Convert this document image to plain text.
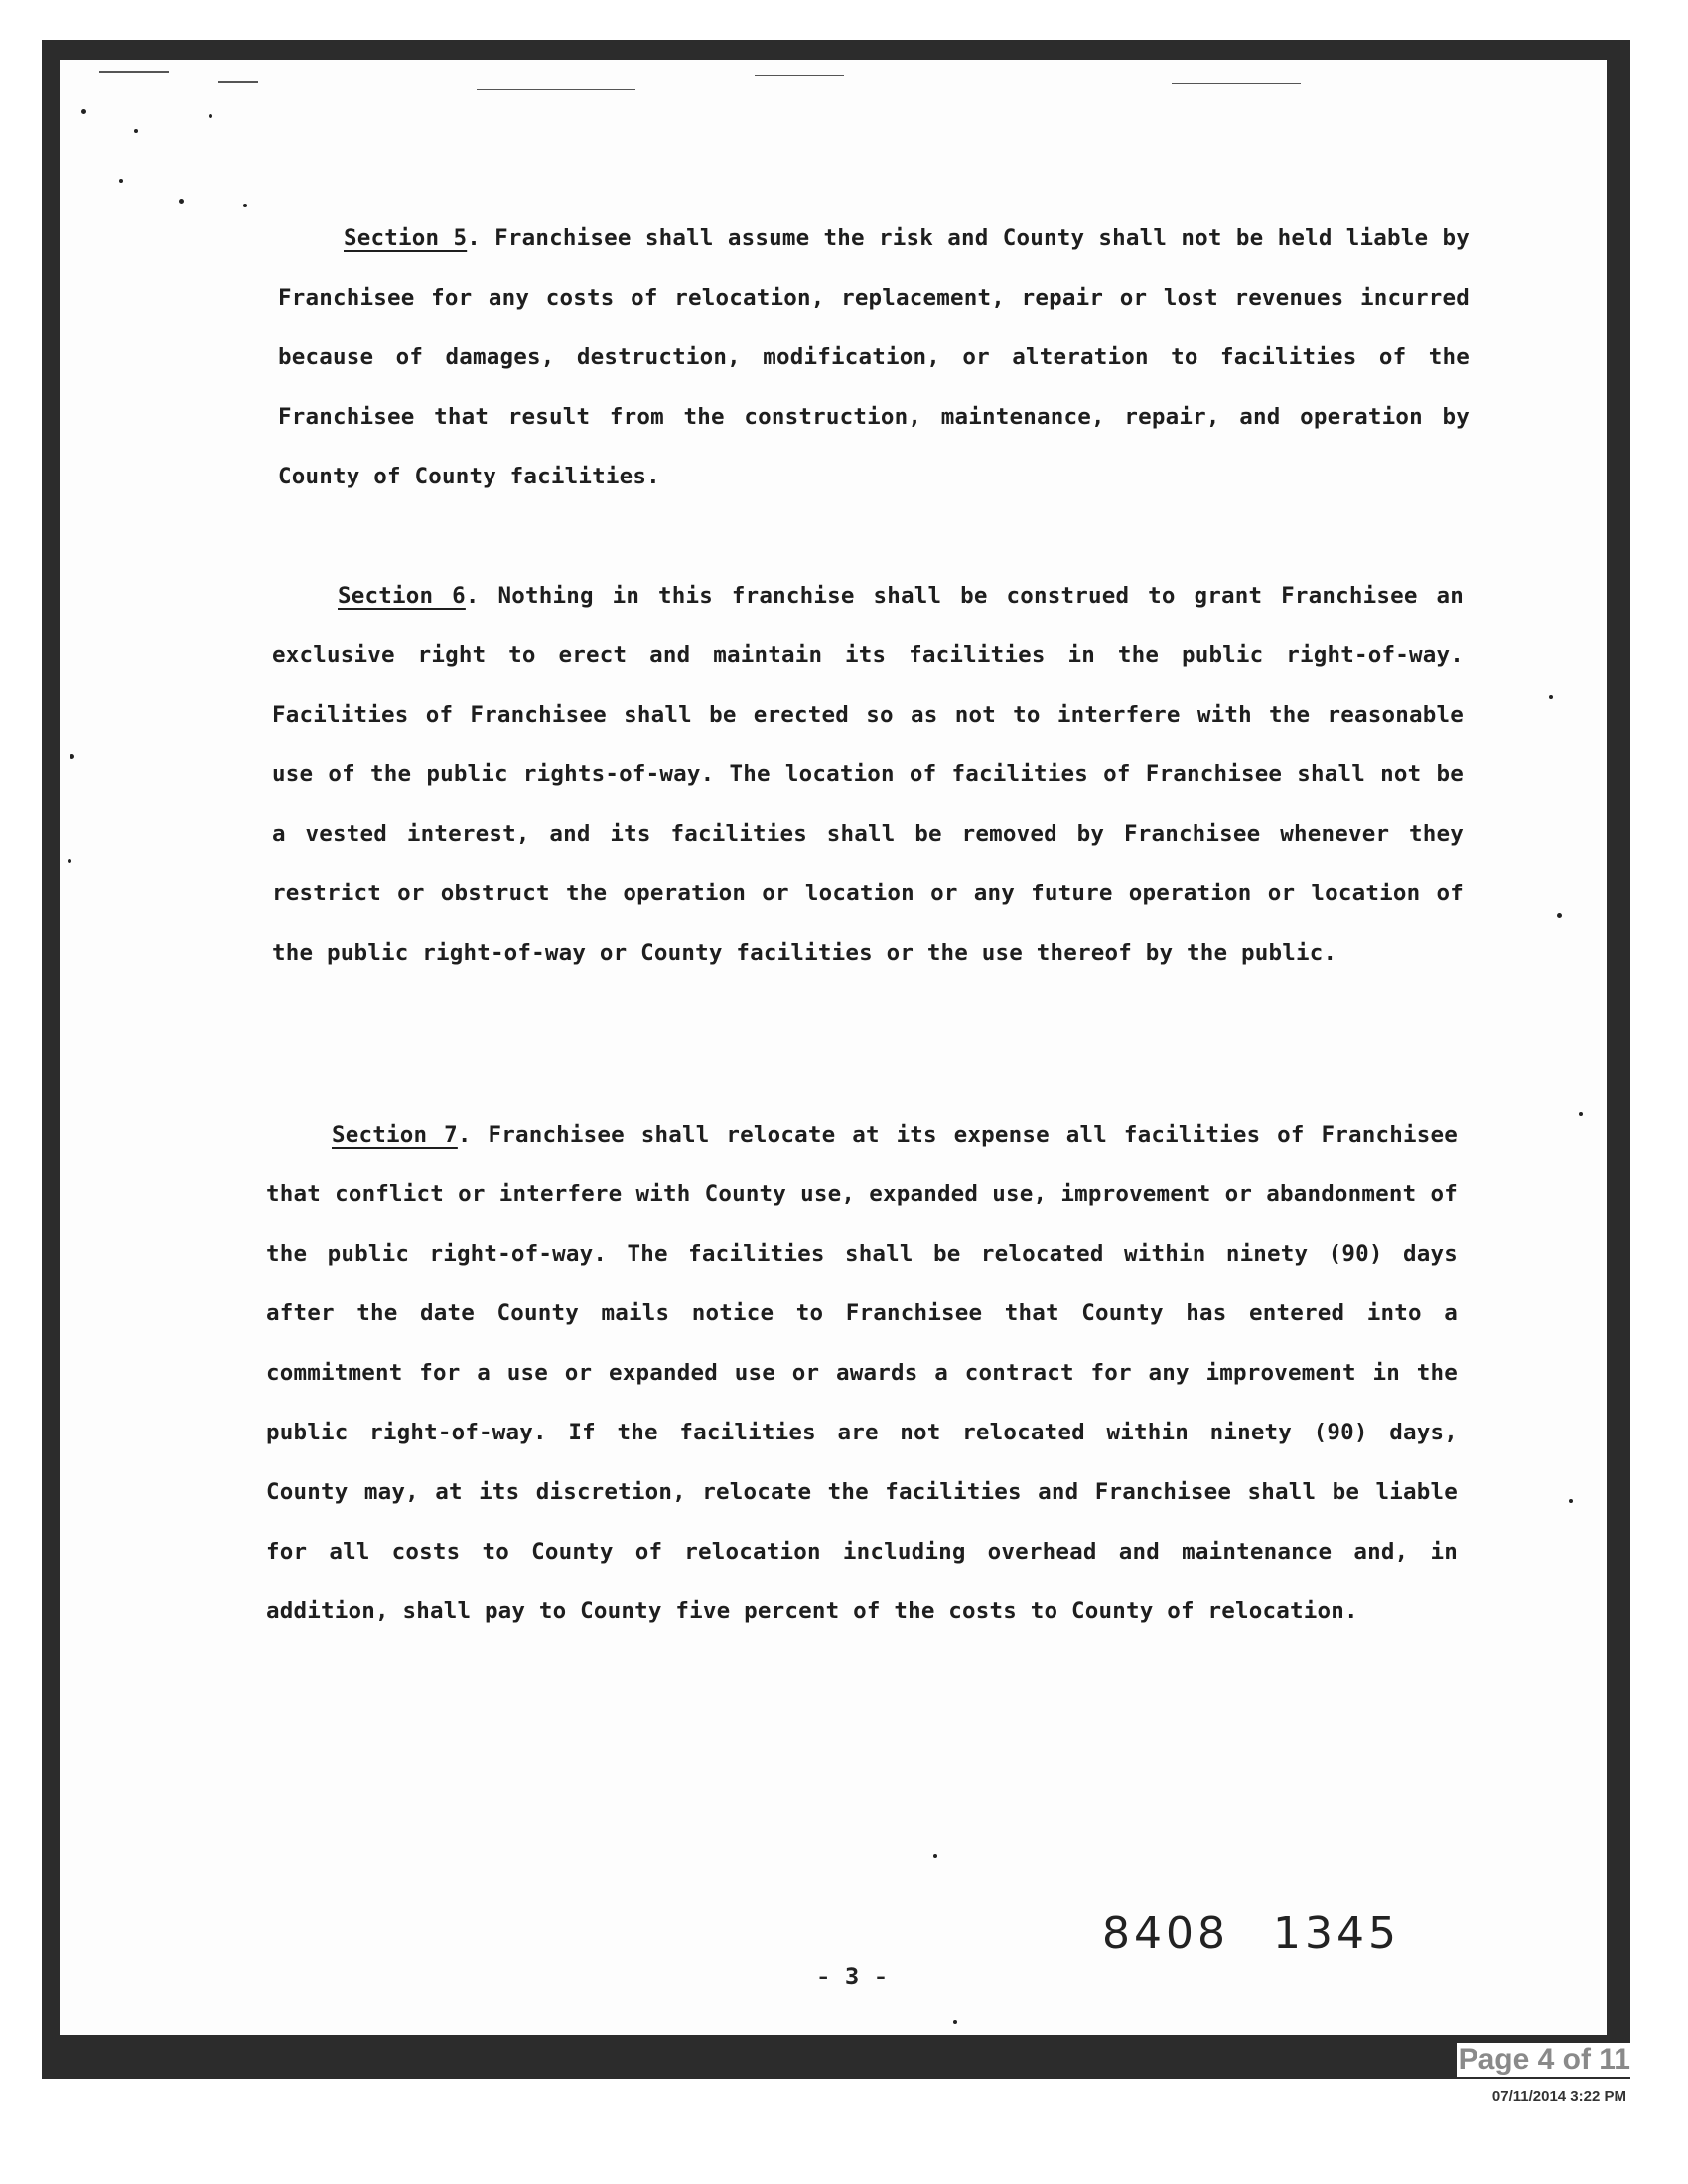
Section 5. Franchisee shall assume the risk and County shall not be held liable by Franchisee for any costs of relocation, replacement, repair or lost revenues incurred because of damages, destruction, modification, or alteration to facilities of the Franchisee that result from the construction, maintenance, repair, and operation by County of County facilities.
Section 6. Nothing in this franchise shall be construed to grant Franchisee an exclusive right to erect and maintain its facilities in the public right-of-way. Facilities of Franchisee shall be erected so as not to interfere with the reasonable use of the public rights-of-way. The location of facilities of Franchisee shall not be a vested interest, and its facilities shall be removed by Franchisee whenever they restrict or obstruct the operation or location or any future operation or location of the public right-of-way or County facilities or the use thereof by the public.
Section 7. Franchisee shall relocate at its expense all facilities of Franchisee that conflict or interfere with County use, expanded use, improvement or abandonment of the public right-of-way. The facilities shall be relocated within ninety (90) days after the date County mails notice to Franchisee that County has entered into a commitment for a use or expanded use or awards a contract for any improvement in the public right-of-way. If the facilities are not relocated within ninety (90) days, County may, at its discretion, relocate the facilities and Franchisee shall be liable for all costs to County of relocation including overhead and maintenance and, in addition, shall pay to County five percent of the costs to County of relocation.
8408 1345
- 3 -
Page 4 of 11
07/11/2014 3:22 PM
